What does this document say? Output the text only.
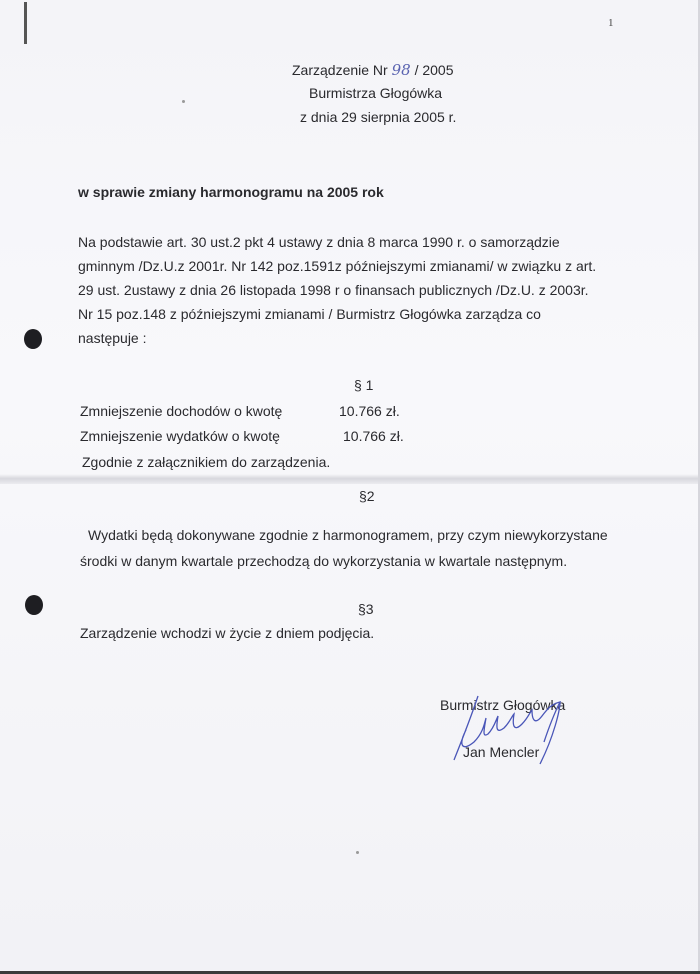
1
Zarządzenie Nr 98 / 2005
Burmistrza Głogówka
z dnia 29 sierpnia 2005 r.
w sprawie zmiany harmonogramu na 2005 rok
Na podstawie art. 30 ust.2 pkt 4 ustawy z dnia 8 marca 1990 r. o samorządzie
gminnym /Dz.U.z 2001r. Nr 142 poz.1591z późniejszymi zmianami/ w związku z art.
29 ust. 2ustawy z dnia 26 listopada 1998 r o finansach publicznych /Dz.U. z 2003r.
Nr 15 poz.148 z późniejszymi zmianami / Burmistrz Głogówka zarządza co
następuje :
§ 1
Zmniejszenie dochodów o kwotę	10.766 zł.
Zmniejszenie wydatków o kwotę	10.766 zł.
Zgodnie z załącznikiem do zarządzenia.
§2
Wydatki będą dokonywane zgodnie z harmonogramem, przy czym niewykorzystane
środki w danym kwartale przechodzą do wykorzystania w kwartale następnym.
§3
Zarządzenie wchodzi w życie z dniem podjęcia.
Burmistrz Głogówka
Jan Mencler
